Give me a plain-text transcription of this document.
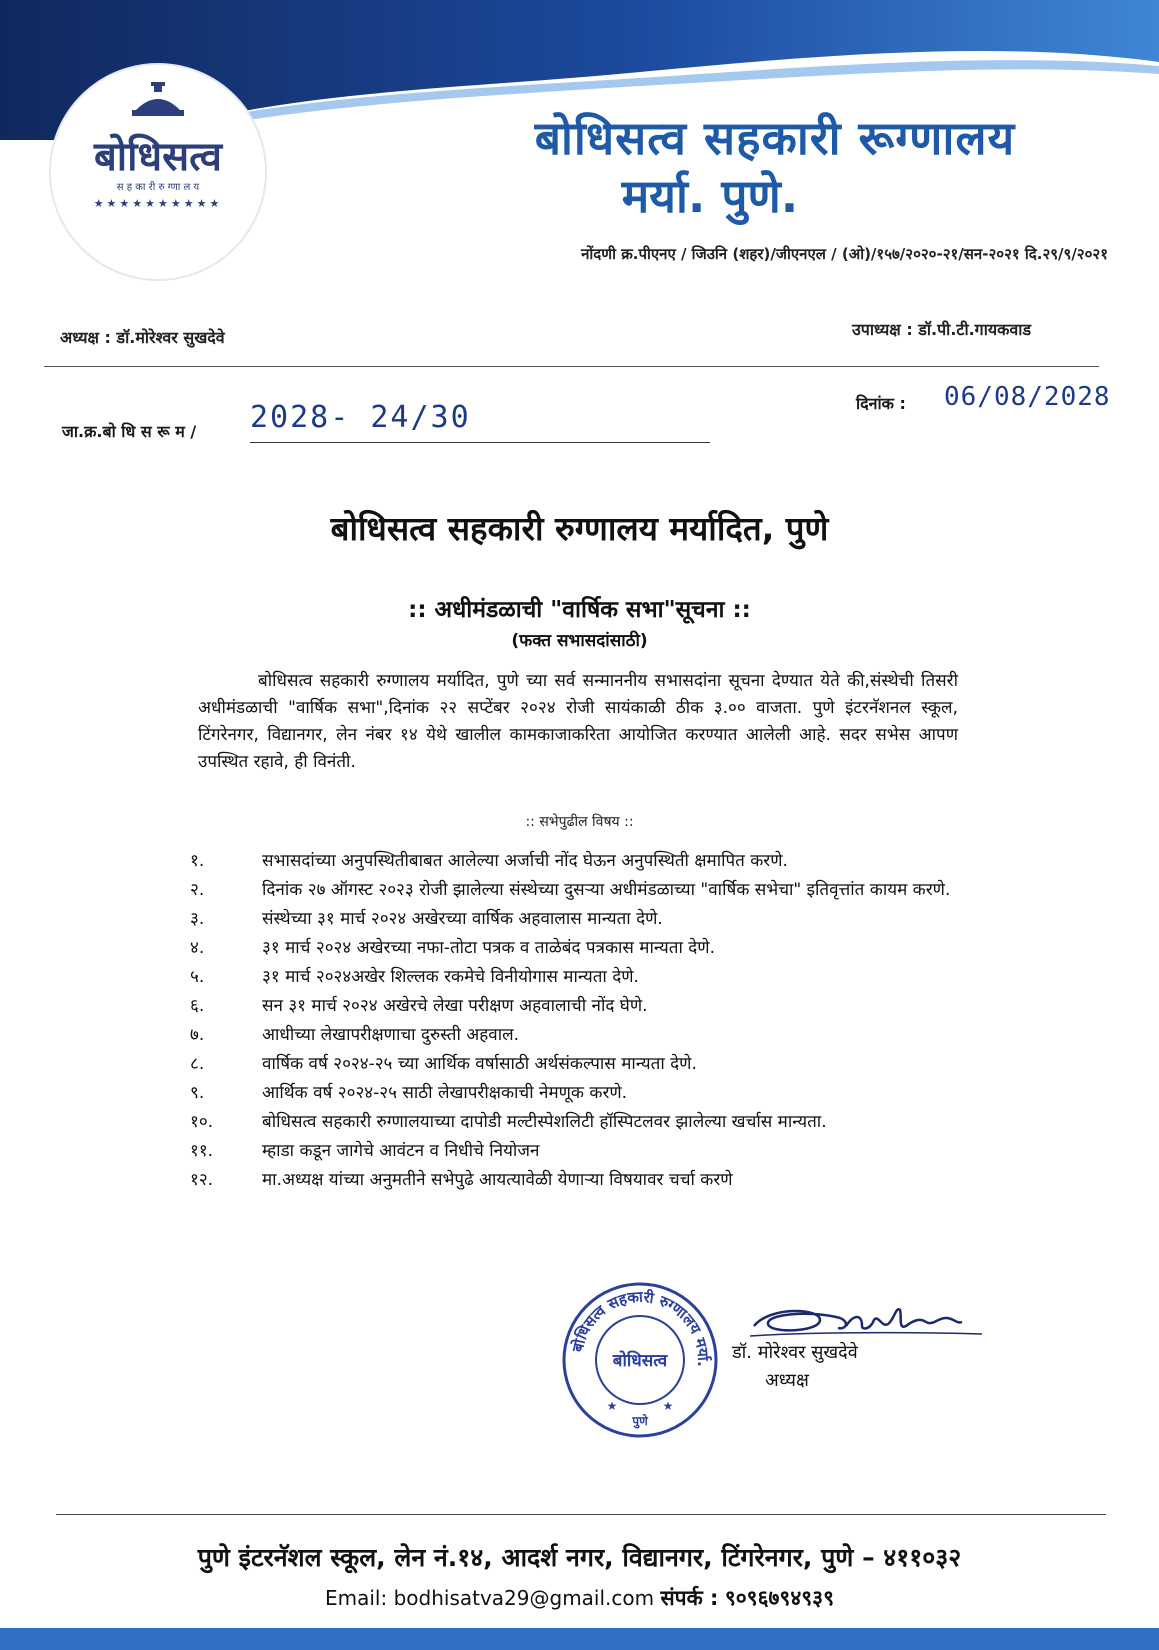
बोधिसत्व
स ह का री रु ग्णा ल य
★★★★★★★★★★
बोधिसत्व सहकारी रूग्णालय
मर्या. पुणे.
नोंदणी क्र.पीएनए / जिउनि (शहर)/जीएनएल / (ओ)/१५७/२०२०-२१/सन-२०२१ दि.२९/९/२०२१
अध्यक्ष : डॉ.मोरेश्वर सुखदेवे	उपाध्यक्ष : डॉ.पी.टी.गायकवाड
जा.क्र.बो धि स रू म / 2028- 24/30	दिनांक : 06/08/2028
बोधिसत्व सहकारी रुग्णालय मर्यादित, पुणे
:: अधीमंडळाची "वार्षिक सभा"सूचना ::
(फक्त सभासदांसाठी)
बोधिसत्व सहकारी रुग्णालय मर्यादित, पुणे च्या सर्व सन्माननीय सभासदांना सूचना देण्यात येते की,संस्थेची तिसरी अधीमंडळाची "वार्षिक सभा",दिनांक २२ सप्टेंबर २०२४ रोजी सायंकाळी ठीक ३.०० वाजता. पुणे इंटरनॅशनल स्कूल, टिंगरेनगर, विद्यानगर, लेन नंबर १४ येथे खालील कामकाजाकरिता आयोजित करण्यात आलेली आहे. सदर सभेस आपण उपस्थित रहावे, ही विनंती.
:: सभेपुढील विषय ::
१.	सभासदांच्या अनुपस्थितीबाबत आलेल्या अर्जाची नोंद घेऊन अनुपस्थिती क्षमापित करणे.
२.	दिनांक २७ ऑगस्ट २०२३ रोजी झालेल्या संस्थेच्या दुसऱ्या अधीमंडळाच्या "वार्षिक सभेचा" इतिवृत्तांत कायम करणे.
३.	संस्थेच्या ३१ मार्च २०२४ अखेरच्या वार्षिक अहवालास मान्यता देणे.
४.	३१ मार्च २०२४ अखेरच्या नफा-तोटा पत्रक व ताळेबंद पत्रकास मान्यता देणे.
५.	३१ मार्च २०२४अखेर शिल्लक रकमेचे विनीयोगास मान्यता देणे.
६.	सन ३१ मार्च २०२४ अखेरचे लेखा परीक्षण अहवालाची नोंद घेणे.
७.	आधीच्या लेखापरीक्षणाचा दुरुस्ती अहवाल.
८.	वार्षिक वर्ष २०२४-२५ च्या आर्थिक वर्षासाठी अर्थसंकल्पास मान्यता देणे.
९.	आर्थिक वर्ष २०२४-२५ साठी लेखापरीक्षकाची नेमणूक करणे.
१०.	बोधिसत्व सहकारी रुग्णालयाच्या दापोडी मल्टीस्पेशलिटी हॉस्पिटलवर झालेल्या खर्चास मान्यता.
११.	म्हाडा कडून जागेचे आवंटन व निधीचे नियोजन
१२.	मा.अध्यक्ष यांच्या अनुमतीने सभेपुढे आयत्यावेळी येणाऱ्या विषयावर चर्चा करणे
बोधिसत्व सहकारी रुग्णालय मर्या.
बोधिसत्व
पुणे
★	★
डॉ. मोरेश्वर सुखदेवे
अध्यक्ष
पुणे इंटरनॅशल स्कूल, लेन नं.१४, आदर्श नगर, विद्यानगर, टिंगरेनगर, पुणे – ४११०३२
Email: bodhisatva29@gmail.com संपर्क : ९०९६७९४९३९
